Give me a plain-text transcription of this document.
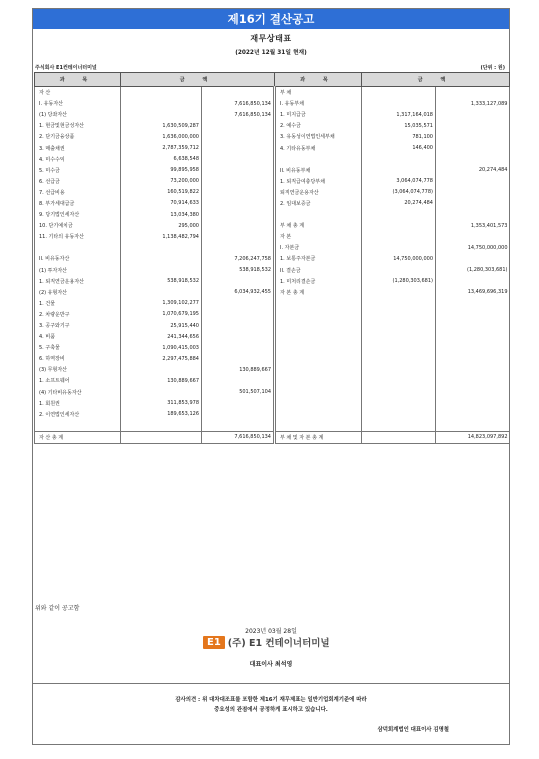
제16기 결산공고
재무상태표
(2022년 12월 31일 현재)
주식회사 E1컨테이너터미널	(단위 : 원)
과 목	금 액		과 목	금 액	
자 산			부 채		
I. 유동자산		7,616,850,134	I. 유동부채		1,333,127,089
(1) 당좌자산		7,616,850,134	1. 미지급금	1,317,164,018	
1. 현금및현금성자산	1,630,509,287		2. 예수금	15,035,571	
2. 단기금융상품	1,636,000,000		3. 유동성이연법인세부채	781,100	
3. 매출채권	2,787,359,712		4. 기타유동부채	146,400	
4. 미수수익	6,638,548				
5. 미수금	99,895,958		II. 비유동부채		20,274,484
6. 선급금	73,200,000		1. 퇴직급여충당부채	3,064,074,778	
7. 선급비용	160,519,822		퇴직연금운용자산	(3,064,074,778)	
8. 부가세대급금	70,914,633		2. 임대보증금	20,274,484	
9. 당기법인세자산	13,034,380				
10. 단기예치금	295,000		부 채 총 계		1,353,401,573
11. 기타의 유동자산	1,138,482,794		자 본		
			I. 자본금		14,750,000,000
II. 비유동자산		7,206,247,758	1. 보통주자본금	14,750,000,000	
(1) 투자자산		538,918,532	II. 결손금		(1,280,303,681)
1. 퇴직연금운용자산	538,918,532		1. 미처리결손금	(1,280,303,681)	
(2) 유형자산		6,034,932,455	자 본 총 계		13,469,696,319
1. 건물	1,309,102,277				
2. 차량운반구	1,070,679,195				
3. 공구와기구	25,915,440				
4. 비품	241,344,656				
5. 구축물	1,090,415,003				
6. 하역장비	2,297,475,884				
(3) 무형자산		130,889,667			
1. 소프트웨어	130,889,667				
(4) 기타비유동자산		501,507,104			
1. 회원권	311,853,978				
2. 이연법인세자산	189,653,126				

자 산 총 계		7,616,850,134	부 채 및 자 본 총 계		14,823,097,892
위와 같이 공고함
2023년 03월 28일
E1 (주) E1 컨테이너터미널
대표이사 최석영
감사의견 : 위 대차대조표를 포함한 제16기 재무제표는 일반기업회계기준에 따라
중요성의 관점에서 공정하게 표시하고 있습니다.
삼덕회계법인 대표이사 김명철
